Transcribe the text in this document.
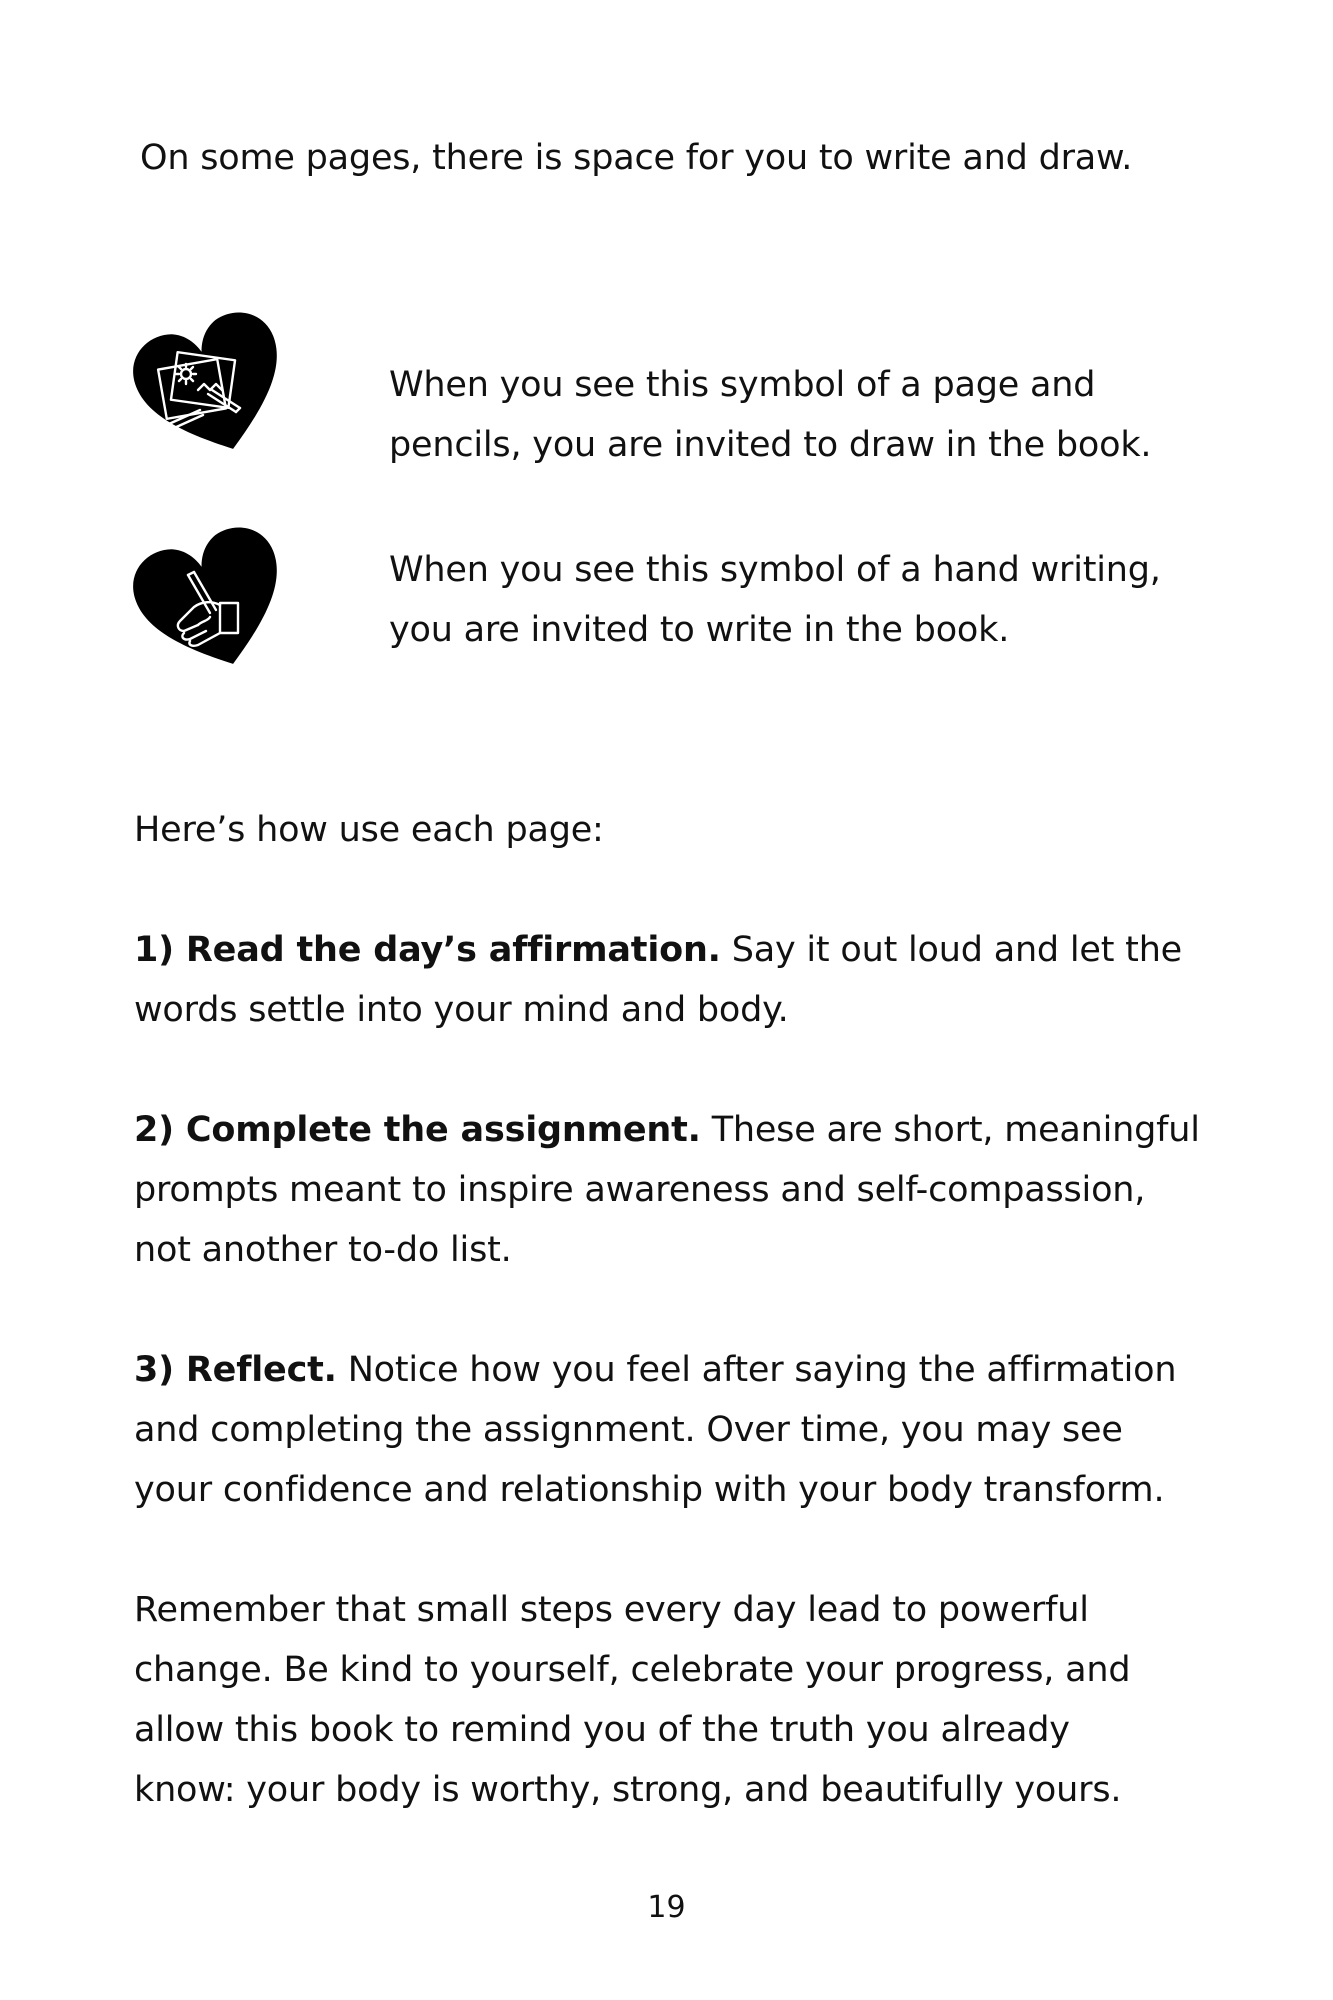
On some pages, there is space for you to write and draw.

When you see this symbol of a page and
pencils, you are invited to draw in the book.
When you see this symbol of a hand writing,
you are invited to write in the book.

Here’s how use each page:

1) Read the day’s affirmation. Say it out loud and let the
words settle into your mind and body.
2) Complete the assignment. These are short, meaningful
prompts meant to inspire awareness and self-compassion,
not another to-do list.
3) Reflect. Notice how you feel after saying the affirmation
and completing the assignment. Over time, you may see
your confidence and relationship with your body transform.
Remember that small steps every day lead to powerful
change. Be kind to yourself, celebrate your progress, and
allow this book to remind you of the truth you already
know: your body is worthy, strong, and beautifully yours.

19
